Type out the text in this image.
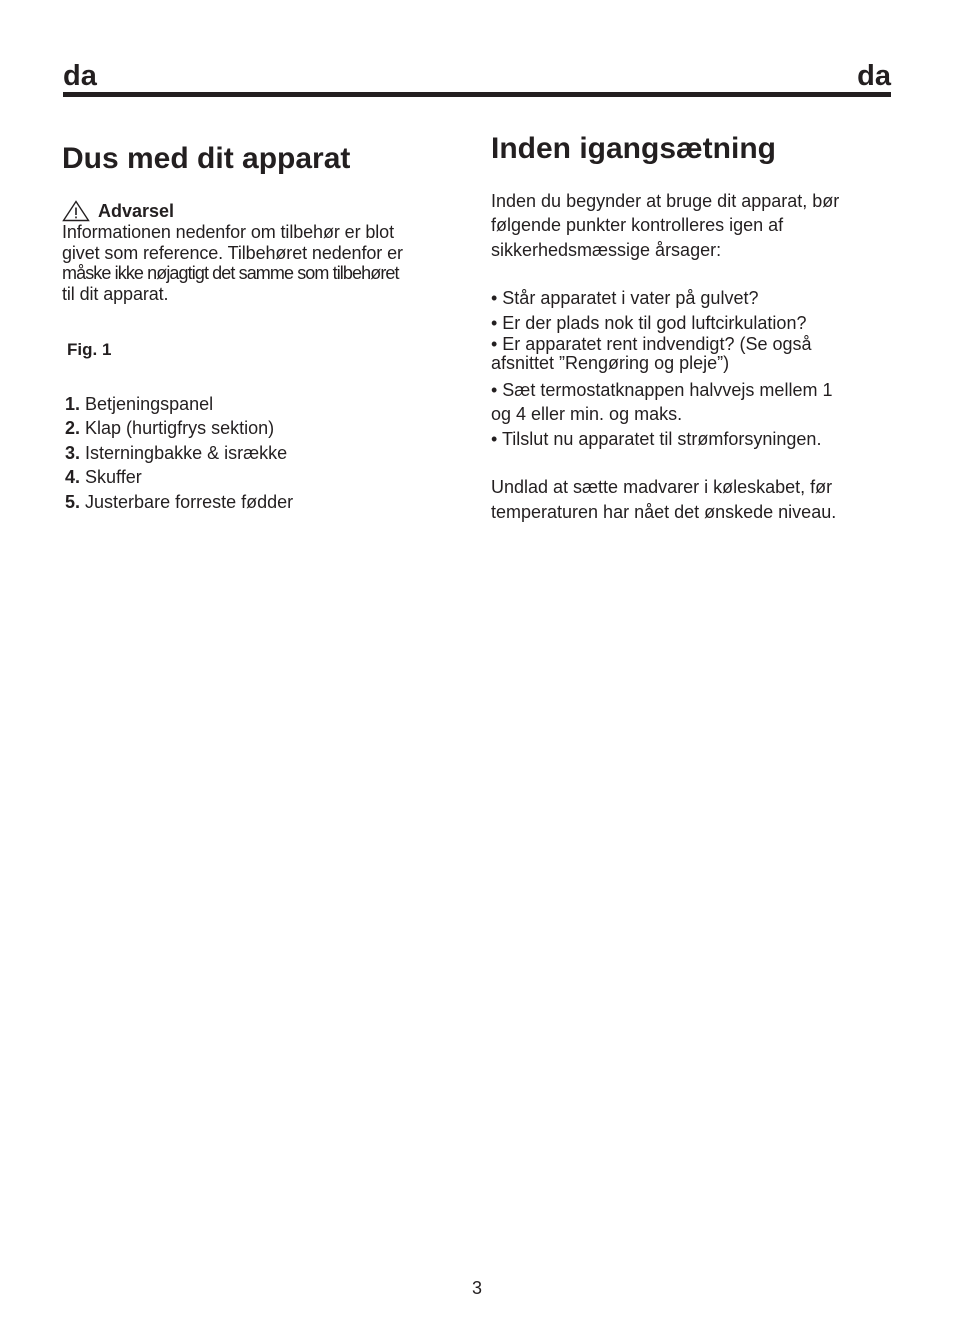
da	da
Dus med dit apparat
Advarsel
Informationen nedenfor om tilbehør er blot
givet som reference. Tilbehøret nedenfor er
måske ikke nøjagtigt det samme som tilbehøret
til dit apparat.
Fig. 1
1. Betjeningspanel
2. Klap (hurtigfrys sektion)
3. Isterningbakke & isrække
4. Skuffer
5. Justerbare forreste fødder
Inden igangsætning
Inden du begynder at bruge dit apparat, bør
følgende punkter kontrolleres igen af
sikkerhedsmæssige årsager:
• Står apparatet i vater på gulvet?
• Er der plads nok til god luftcirkulation?
• Er apparatet rent indvendigt? (Se også
afsnittet ”Rengøring og pleje”)
• Sæt termostatknappen halvvejs mellem 1
og 4 eller min. og maks.
• Tilslut nu apparatet til strømforsyningen.
Undlad at sætte madvarer i køleskabet, før
temperaturen har nået det ønskede niveau.
3
